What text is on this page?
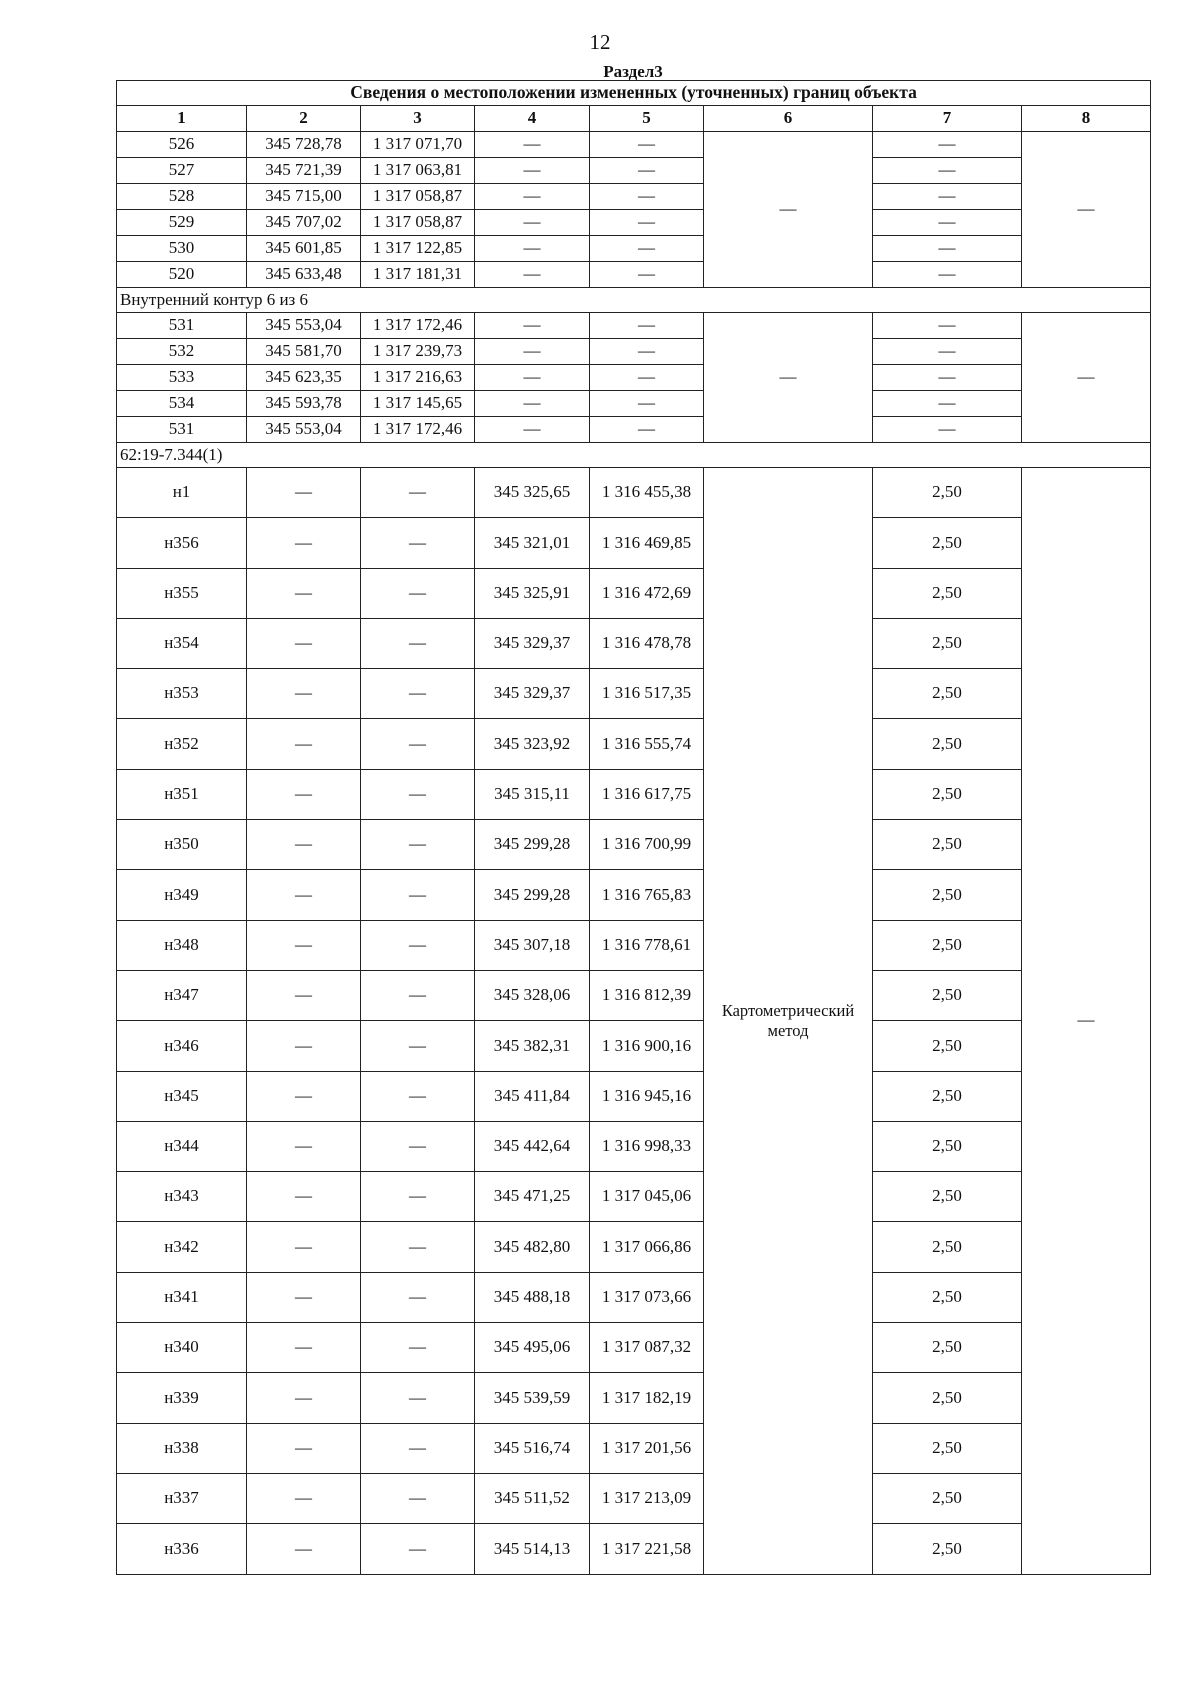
12
Раздел3
Сведения о местоположении измененных (уточненных) границ объекта							
1	2	3	4	5	6	7	8
526	345 728,78	1 317 071,70	—	—	—	—	—
527	345 721,39	1 317 063,81	—	—		—	
528	345 715,00	1 317 058,87	—	—		—	
529	345 707,02	1 317 058,87	—	—		—	
530	345 601,85	1 317 122,85	—	—		—	
520	345 633,48	1 317 181,31	—	—		—	
Внутренний контур 6 из 6							
531	345 553,04	1 317 172,46	—	—	—	—	—
532	345 581,70	1 317 239,73	—	—		—	
533	345 623,35	1 317 216,63	—	—		—	
534	345 593,78	1 317 145,65	—	—		—	
531	345 553,04	1 317 172,46	—	—		—	
62:19-7.344(1)							
н1	—	—	345 325,65	1 316 455,38	Картометрический метод	2,50	—
н356	—	—	345 321,01	1 316 469,85		2,50	
н355	—	—	345 325,91	1 316 472,69		2,50	
н354	—	—	345 329,37	1 316 478,78		2,50	
н353	—	—	345 329,37	1 316 517,35		2,50	
н352	—	—	345 323,92	1 316 555,74		2,50	
н351	—	—	345 315,11	1 316 617,75		2,50	
н350	—	—	345 299,28	1 316 700,99		2,50	
н349	—	—	345 299,28	1 316 765,83		2,50	
н348	—	—	345 307,18	1 316 778,61		2,50	
н347	—	—	345 328,06	1 316 812,39		2,50	
н346	—	—	345 382,31	1 316 900,16		2,50	
н345	—	—	345 411,84	1 316 945,16		2,50	
н344	—	—	345 442,64	1 316 998,33		2,50	
н343	—	—	345 471,25	1 317 045,06		2,50	
н342	—	—	345 482,80	1 317 066,86		2,50	
н341	—	—	345 488,18	1 317 073,66		2,50	
н340	—	—	345 495,06	1 317 087,32		2,50	
н339	—	—	345 539,59	1 317 182,19		2,50	
н338	—	—	345 516,74	1 317 201,56		2,50	
н337	—	—	345 511,52	1 317 213,09		2,50	
н336	—	—	345 514,13	1 317 221,58		2,50	
